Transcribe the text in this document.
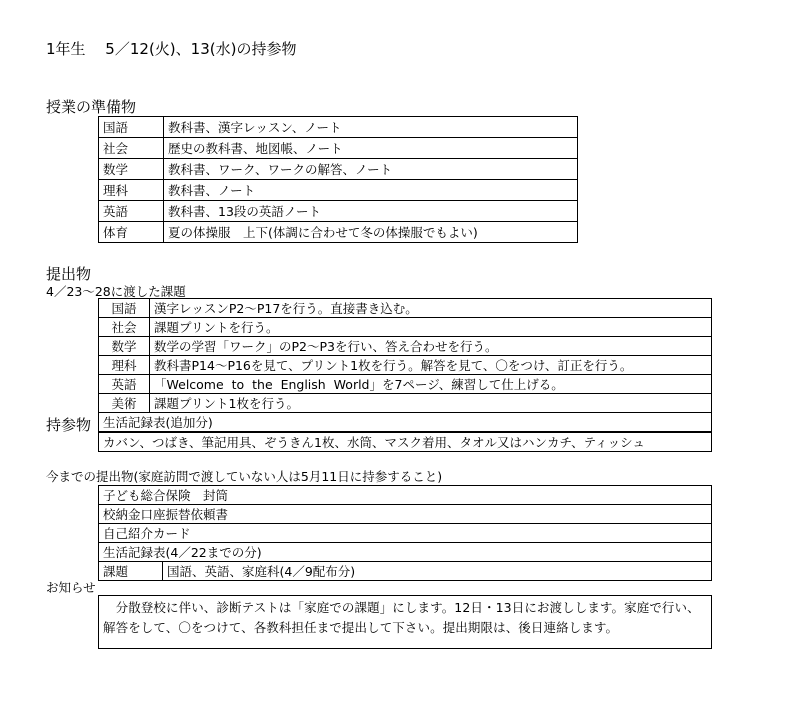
1年生　 5／12(火)、13(水)の持参物
授業の準備物
国語	教科書、漢字レッスン、ノート
社会	歴史の教科書、地図帳、ノート
数学	教科書、ワーク、ワークの解答、ノート
理科	教科書、ノート
英語	教科書、13段の英語ノート
体育	夏の体操服　上下(体調に合わせて冬の体操服でもよい)
提出物
4／23～28に渡した課題
国語	漢字レッスンP2～P17を行う。直接書き込む。
社会	課題プリントを行う。
数学	数学の学習「ワーク」のP2～P3を行い、答え合わせを行う。
理科	教科書P14～P16を見て、プリント1枚を行う。解答を見て、〇をつけ、訂正を行う。
英語	「Welcome  to  the  English  World」を7ページ、練習して仕上げる。
美術	課題プリント1枚を行う。
生活記録表(追加分)	
持参物
カバン、つばき、筆記用具、ぞうきん1枚、水筒、マスク着用、タオル又はハンカチ、ティッシュ
今までの提出物(家庭訪問で渡していない人は5月11日に持参すること)
子ども総合保険　封筒
校納金口座振替依頼書
自己紹介カード
生活記録表(4／22までの分)
課題	国語、英語、家庭科(4／9配布分)
お知らせ
　分散登校に伴い、診断テストは「家庭での課題」にします。12日・13日にお渡しします。家庭で行い、解答をして、〇をつけて、各教科担任まで提出して下さい。提出期限は、後日連絡します。
